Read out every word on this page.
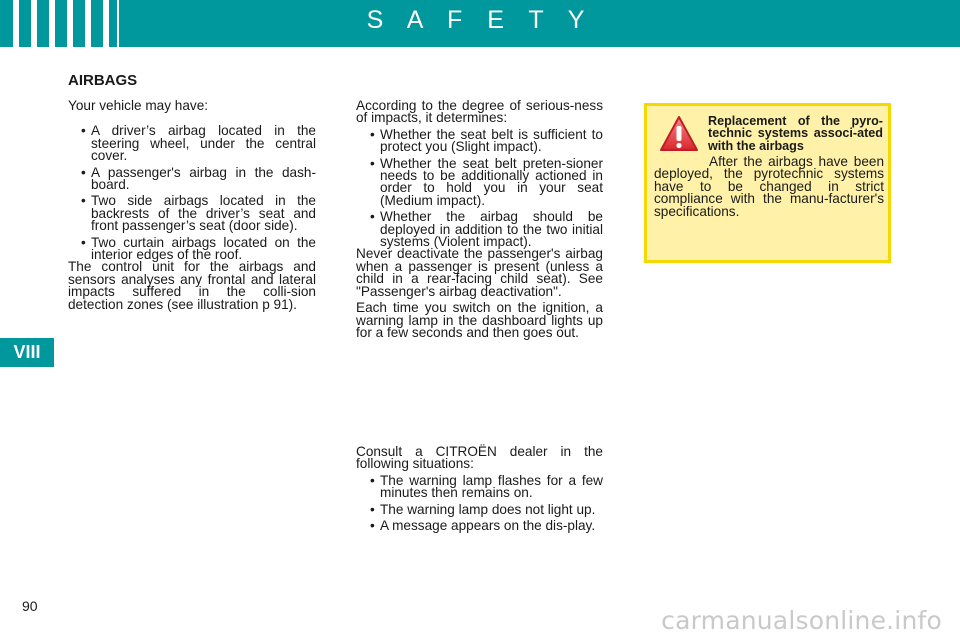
S A F E T Y
VIII
90

AIRBAGS

Your vehicle may have:

• A driver’s airbag located in the steering wheel, under the central cover.
• A passenger's airbag in the dash-board.
• Two side airbags located in the backrests of the driver’s seat and front passenger’s seat (door side).
• Two curtain airbags located on the interior edges of the roof.

The control unit for the airbags and sensors analyses any frontal and lateral impacts suffered in the colli-sion detection zones (see illustration p 91).

According to the degree of serious-ness of impacts, it determines:

• Whether the seat belt is sufficient to protect you (Slight impact).
• Whether the seat belt preten-sioner needs to be additionally actioned in order to hold you in your seat (Medium impact).
• Whether the airbag should be deployed in addition to the two initial systems (Violent impact).

Never deactivate the passenger's airbag when a passenger is present (unless a child in a rear-facing child seat). See "Passenger's airbag deactivation".

Each time you switch on the ignition, a warning lamp in the dashboard lights up for a few seconds and then goes out.

Consult a CITROËN dealer in the following situations:

• The warning lamp flashes for a few minutes then remains on.
• The warning lamp does not light up.
• A message appears on the dis-play.

Replacement of the pyro-technic systems associ-ated with the airbags

After the airbags have been deployed, the pyrotechnic systems have to be changed in strict compliance with the manu-facturer's specifications.

carmanualsonline.info
